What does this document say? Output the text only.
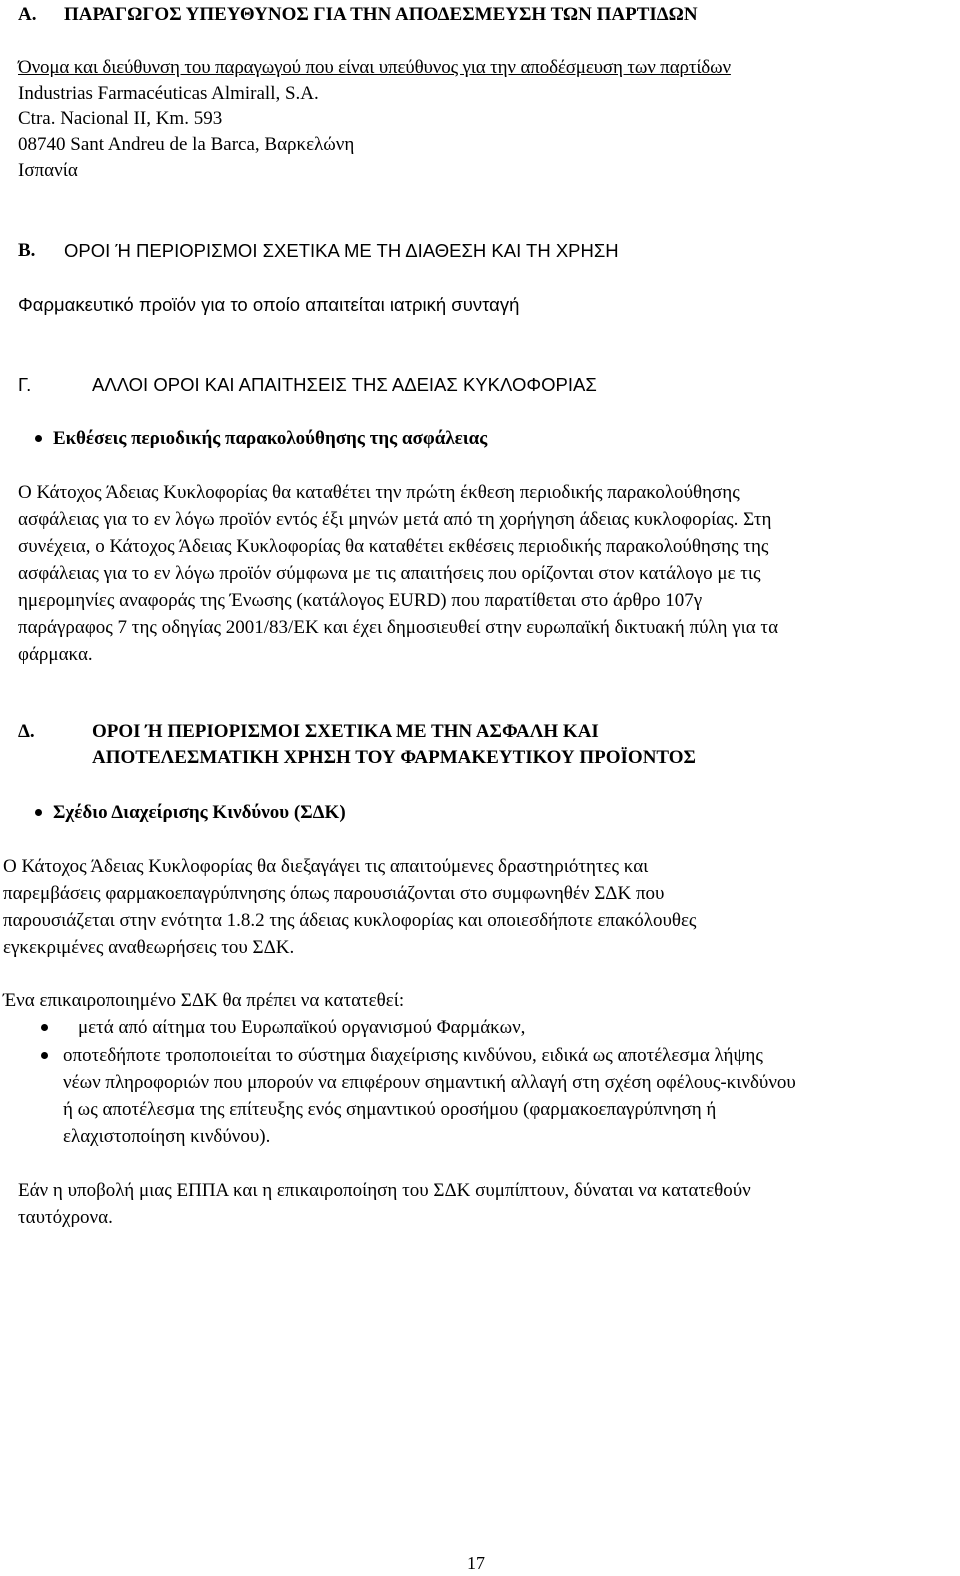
Α. ΠΑΡΑΓΩΓΟΣ ΥΠΕΥΘΥΝΟΣ ΓΙΑ ΤΗΝ ΑΠΟΔΕΣΜΕΥΣΗ ΤΩΝ ΠΑΡΤΙΔΩΝ
Όνομα και διεύθυνση του παραγωγού που είναι υπεύθυνος για την αποδέσμευση των παρτίδων
Industrias Farmacéuticas Almirall, S.A.
Ctra. Nacional II, Km. 593
08740 Sant Andreu de la Barca, Βαρκελώνη
Ισπανία
Β. ΟΡΟΙ Ή ΠΕΡΙΟΡΙΣΜΟΙ ΣΧΕΤΙΚΑ ΜΕ ΤΗ ΔΙΑΘΕΣΗ ΚΑΙ ΤΗ ΧΡΗΣΗ
Φαρμακευτικό προϊόν για το οποίο απαιτείται ιατρική συνταγή
Γ.	ΑΛΛΟΙ ΟΡΟΙ ΚΑΙ ΑΠΑΙΤΗΣΕΙΣ ΤΗΣ ΑΔΕΙΑΣ ΚΥΚΛΟΦΟΡΙΑΣ
Εκθέσεις περιοδικής παρακολούθησης της ασφάλειας
Ο Κάτοχος Άδειας Κυκλοφορίας θα καταθέτει την πρώτη έκθεση περιοδικής παρακολούθησης
ασφάλειας για το εν λόγω προϊόν εντός έξι μηνών μετά από τη χορήγηση άδειας κυκλοφορίας. Στη
συνέχεια, ο Κάτοχος Άδειας Κυκλοφορίας θα καταθέτει εκθέσεις περιοδικής παρακολούθησης της
ασφάλειας για το εν λόγω προϊόν σύμφωνα με τις απαιτήσεις που ορίζονται στον κατάλογο με τις
ημερομηνίες αναφοράς της Ένωσης (κατάλογος EURD) που παρατίθεται στο άρθρο 107γ
παράγραφος 7 της οδηγίας 2001/83/ΕΚ και έχει δημοσιευθεί στην ευρωπαϊκή δικτυακή πύλη για τα
φάρμακα.
Δ.	ΟΡΟΙ Ή ΠΕΡΙΟΡΙΣΜΟΙ ΣΧΕΤΙΚΑ ΜΕ ΤΗΝ ΑΣΦΑΛΗ ΚΑΙ
ΑΠΟΤΕΛΕΣΜΑΤΙΚΗ ΧΡΗΣΗ ΤΟΥ ΦΑΡΜΑΚΕΥΤΙΚΟΥ ΠΡΟΪΟΝΤΟΣ
Σχέδιο Διαχείρισης Κινδύνου (ΣΔΚ)
Ο Κάτοχος Άδειας Κυκλοφορίας θα διεξαγάγει τις απαιτούμενες δραστηριότητες και
παρεμβάσεις φαρμακοεπαγρύπνησης όπως παρουσιάζονται στο συμφωνηθέν ΣΔΚ που
παρουσιάζεται στην ενότητα 1.8.2 της άδειας κυκλοφορίας και οποιεσδήποτε επακόλουθες
εγκεκριμένες αναθεωρήσεις του ΣΔΚ.
Ένα επικαιροποιημένο ΣΔΚ θα πρέπει να κατατεθεί:
μετά από αίτημα του Ευρωπαϊκού οργανισμού Φαρμάκων,
οποτεδήποτε τροποποιείται το σύστημα διαχείρισης κινδύνου, ειδικά ως αποτέλεσμα λήψης
νέων πληροφοριών που μπορούν να επιφέρουν σημαντική αλλαγή στη σχέση οφέλους-κινδύνου
ή ως αποτέλεσμα της επίτευξης ενός σημαντικού οροσήμου (φαρμακοεπαγρύπνηση ή
ελαχιστοποίηση κινδύνου).
Εάν η υποβολή μιας ΕΠΠΑ και η επικαιροποίηση του ΣΔΚ συμπίπτουν, δύναται να κατατεθούν
ταυτόχρονα.
17
